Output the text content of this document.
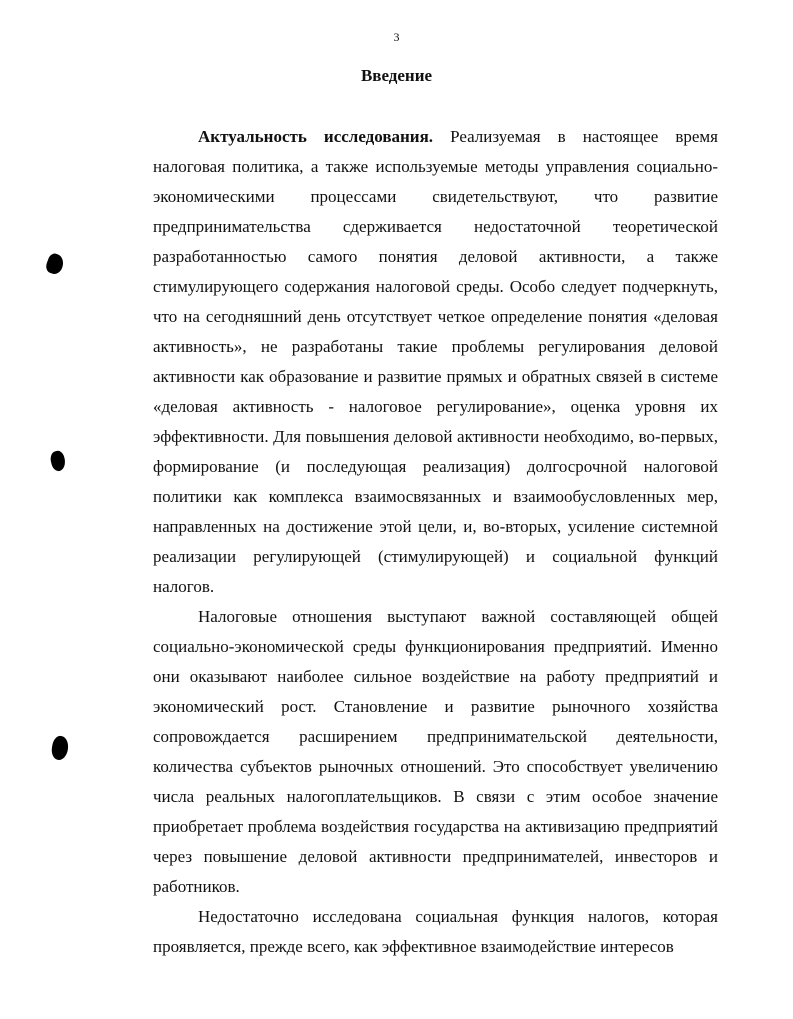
3
Введение

Актуальность исследования. Реализуемая в настоящее время налоговая политика, а также используемые методы управления социально-экономическими процессами свидетельствуют, что развитие предпринимательства сдерживается недостаточной теоретической разработанностью самого понятия деловой активности, а также стимулирующего содержания налоговой среды. Особо следует подчеркнуть, что на сегодняшний день отсутствует четкое определение понятия «деловая активность», не разработаны такие проблемы регулирования деловой активности как образование и развитие прямых и обратных связей в системе «деловая активность - налоговое регулирование», оценка уровня их эффективности. Для повышения деловой активности необходимо, во-первых, формирование (и последующая реализация) долгосрочной налоговой политики как комплекса взаимосвязанных и взаимообусловленных мер, направленных на достижение этой цели, и, во-вторых, усиление системной реализации регулирующей (стимулирующей) и социальной функций налогов.

Налоговые отношения выступают важной составляющей общей социально-экономической среды функционирования предприятий. Именно они оказывают наиболее сильное воздействие на работу предприятий и экономический рост. Становление и развитие рыночного хозяйства сопровождается расширением предпринимательской деятельности, количества субъектов рыночных отношений. Это способствует увеличению числа реальных налогоплательщиков. В связи с этим особое значение приобретает проблема воздействия государства на активизацию предприятий через повышение деловой активности предпринимателей, инвесторов и работников.

Недостаточно исследована социальная функция налогов, которая проявляется, прежде всего, как эффективное взаимодействие интересов
